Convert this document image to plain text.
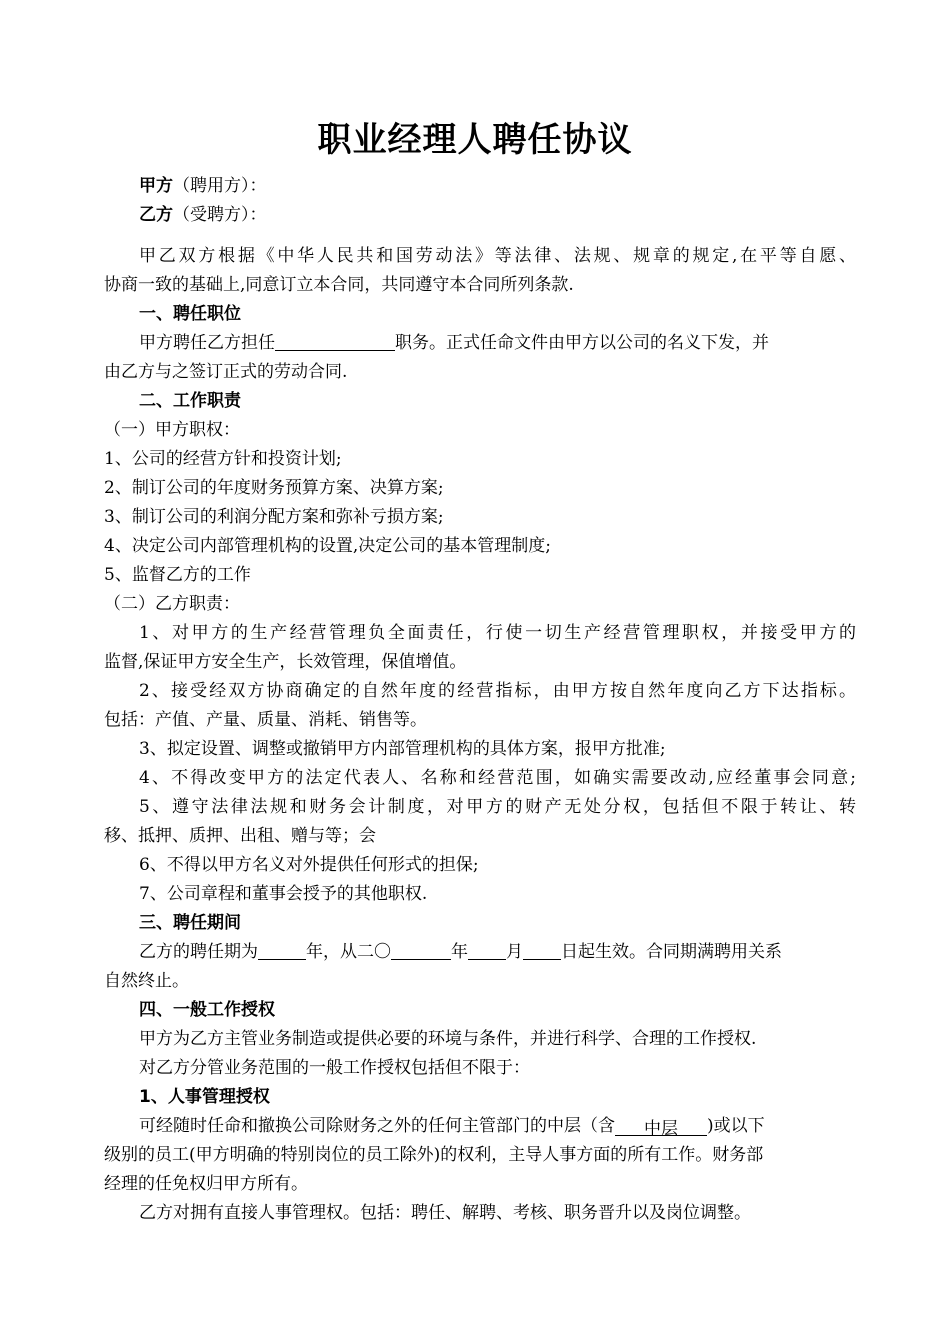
职业经理人聘任协议
甲方（聘用方）：
乙方（受聘方）：
甲乙双方根据《中华人民共和国劳动法》等法律、法规、规章的规定,在平等自愿、
协商一致的基础上,同意订立本合同，共同遵守本合同所列条款.
一、聘任职位
甲方聘任乙方担任	职务。正式任命文件由甲方以公司的名义下发，并
由乙方与之签订正式的劳动合同.
二、工作职责
（一）甲方职权：
1、公司的经营方针和投资计划;
2、制订公司的年度财务预算方案、决算方案;
3、制订公司的利润分配方案和弥补亏损方案;
4、决定公司内部管理机构的设置,决定公司的基本管理制度;
5、监督乙方的工作
（二）乙方职责：
1、对甲方的生产经营管理负全面责任，行使一切生产经营管理职权，并接受甲方的
监督,保证甲方安全生产，长效管理，保值增值。
2、接受经双方协商确定的自然年度的经营指标，由甲方按自然年度向乙方下达指标。
包括：产值、产量、质量、消耗、销售等。
3、拟定设置、调整或撤销甲方内部管理机构的具体方案，报甲方批准;
4、不得改变甲方的法定代表人、名称和经营范围，如确实需要改动,应经董事会同意;
5、遵守法律法规和财务会计制度，对甲方的财产无处分权，包括但不限于转让、转
移、抵押、质押、出租、赠与等；会
6、不得以甲方名义对外提供任何形式的担保;
7、公司章程和董事会授予的其他职权.
三、聘任期间
乙方的聘任期为	年，从二〇	年 月 日起生效。合同期满聘用关系
自然终止。
四、一般工作授权
甲方为乙方主管业务制造或提供必要的环境与条件，并进行科学、合理的工作授权.
对乙方分管业务范围的一般工作授权包括但不限于：
1、人事管理授权
可经随时任命和撤换公司除财务之外的任何主管部门的中层（含 中层 )或以下
级别的员工(甲方明确的特别岗位的员工除外)的权利，主导人事方面的所有工作。财务部
经理的任免权归甲方所有。
乙方对拥有直接人事管理权。包括：聘任、解聘、考核、职务晋升以及岗位调整。
